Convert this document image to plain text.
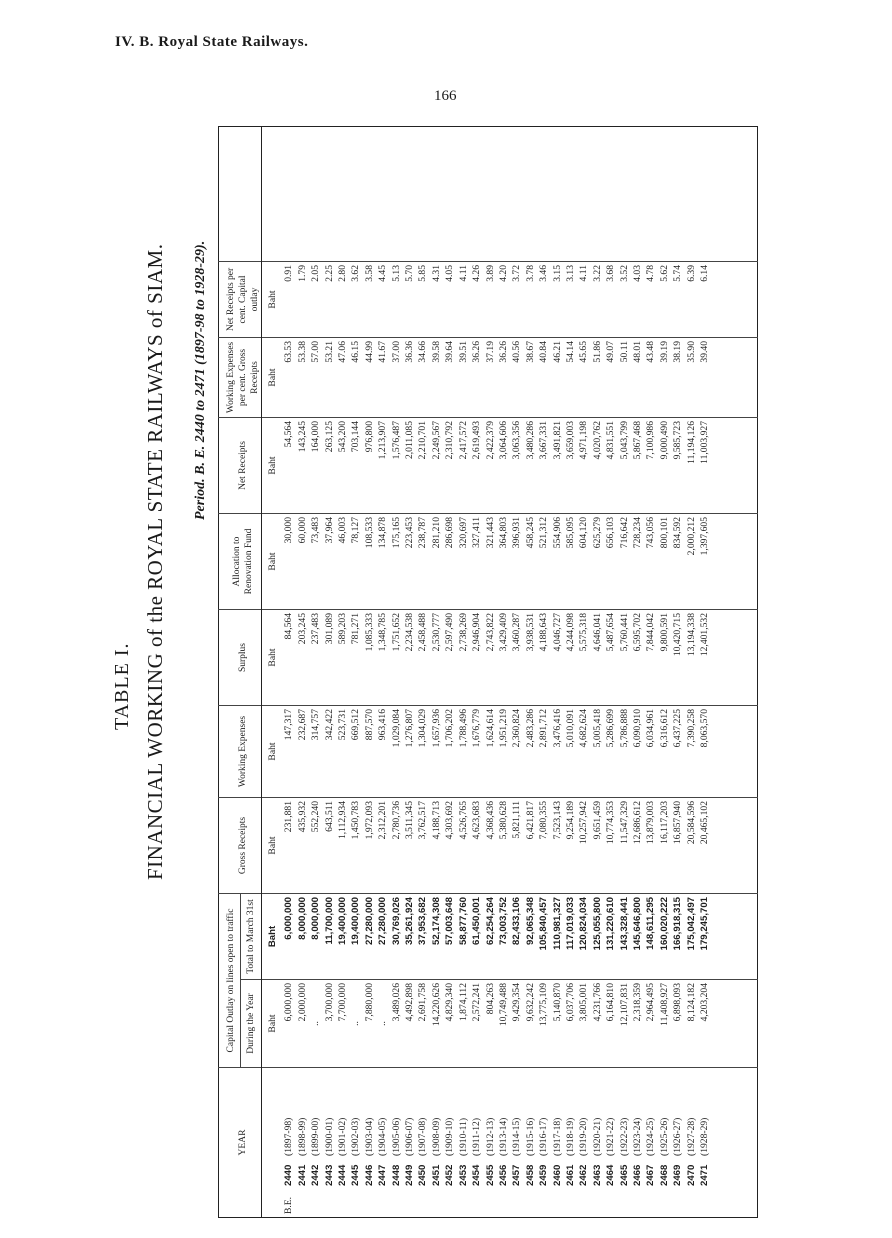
IV. B. Royal State Railways.
166
TABLE I. FINANCIAL WORKING of the ROYAL STATE RAILWAYS of SIAM. Period. B. E. 2440 to 2471 (1897-98 to 1928-29).
YEAR	Capital Outlay on lines open to traffic		Gross Receipts	Working Expenses	Surplus	Allocation to Renovation Fund	Net Receipts	Working Expenses per cent. Gross Receipts	Net Receipts per cent. Capital outlay	
	During the Year	Total to March 31st								
	Baht	Baht	Baht	Baht	Baht	Baht	Baht	Baht	Baht	
B.E.2440(1897-98)	6,000,000	6,000,000	231,881	147,317	84,564	30,000	54,564	63.53	0.91	
2441(1898-99)	2,000,000	8,000,000	435,932	232,687	203,245	60,000	143,245	53.38	1.79	
2442(1899-00)	..	8,000,000	552,240	314,757	237,483	73,483	164,000	57.00	2.05	
2443(1900-01)	3,700,000	11,700,000	643,511	342,422	301,089	37,964	263,125	53.21	2.25	
2444(1901-02)	7,700,000	19,400,000	1,112,934	523,731	589,203	46,003	543,200	47.06	2.80	
2445(1902-03)	..	19,400,000	1,450,783	669,512	781,271	78,127	703,144	46.15	3.62	
2446(1903-04)	7,880,000	27,280,000	1,972,093	887,570	1,085,333	108,533	976,800	44.99	3.58	
2447(1904-05)	..	27,280,000	2,312,201	963,416	1,348,785	134,878	1,213,907	41.67	4.45	
2448(1905-06)	3,489,026	30,769,026	2,780,736	1,029,084	1,751,652	175,165	1,576,487	37.00	5.13	
2449(1906-07)	4,492,898	35,261,924	3,511,345	1,276,807	2,234,538	223,453	2,011,085	36.36	5.70	
2450(1907-08)	2,691,758	37,953,682	3,762,517	1,304,029	2,458,488	238,787	2,210,701	34.66	5.85	
2451(1908-09)	14,220,626	52,174,308	4,188,713	1,657,936	2,530,777	281,210	2,249,567	39.58	4.31	
2452(1909-10)	4,829,340	57,003,648	4,303,692	1,706,202	2,597,490	286,698	2,310,792	39.64	4.05	
2453(1910-11)	1,874,112	58,877,760	4,526,765	1,788,496	2,738,269	320,697	2,417,572	39.51	4.11	
2454(1911-12)	2,572,241	61,450,001	4,623,683	1,676,779	2,946,904	327,411	2,619,493	36.26	4.26	
2455(1912-13)	804,263	62,254,264	4,368,436	1,624,614	2,743,822	321,443	2,422,379	37.19	3.89	
2456(1913-14)	10,749,488	73,003,752	5,380,628	1,951,219	3,429,409	364,803	3,064,606	36.26	4.20	
2457(1914-15)	9,429,354	82,433,106	5,821,111	2,360,824	3,460,287	396,931	3,063,356	40.56	3.72	
2458(1915-16)	9,632,242	92,065,348	6,421,817	2,483,286	3,938,531	458,245	3,480,286	38.67	3.78	
2459(1916-17)	13,775,109	105,840,457	7,080,355	2,891,712	4,188,643	521,312	3,667,331	40.84	3.46	
2460(1917-18)	5,140,870	110,981,327	7,523,143	3,476,416	4,046,727	554,906	3,491,821	46.21	3.15	
2461(1918-19)	6,037,706	117,019,033	9,254,189	5,010,091	4,244,098	585,095	3,659,003	54.14	3.13	
2462(1919-20)	3,805,001	120,824,034	10,257,942	4,682,624	5,575,318	604,120	4,971,198	45.65	4.11	
2463(1920-21)	4,231,766	125,055,800	9,651,459	5,005,418	4,646,041	625,279	4,020,762	51.86	3.22	
2464(1921-22)	6,164,810	131,220,610	10,774,353	5,286,699	5,487,654	656,103	4,831,551	49.07	3.68	
2465(1922-23)	12,107,831	143,328,441	11,547,329	5,786,888	5,760,441	716,642	5,043,799	50.11	3.52	
2466(1923-24)	2,318,359	145,646,800	12,686,612	6,090,910	6,595,702	728,234	5,867,468	48.01	4.03	
2467(1924-25)	2,964,495	148,611,295	13,879,003	6,034,961	7,844,042	743,056	7,100,986	43.48	4.78	
2468(1925-26)	11,408,927	160,020,222	16,117,203	6,316,612	9,800,591	800,101	9,000,490	39.19	5.62	
2469(1926-27)	6,898,093	166,918,315	16,857,940	6,437,225	10,420,715	834,592	9,585,723	38.19	5.74	
2470(1927-28)	8,124,182	175,042,497	20,584,596	7,390,258	13,194,338	2,000,212	11,194,126	35.90	6.39	
2471(1928-29)	4,203,204	179,245,701	20,465,102	8,063,570	12,401,532	1,397,605	11,003,927	39.40	6.14	
